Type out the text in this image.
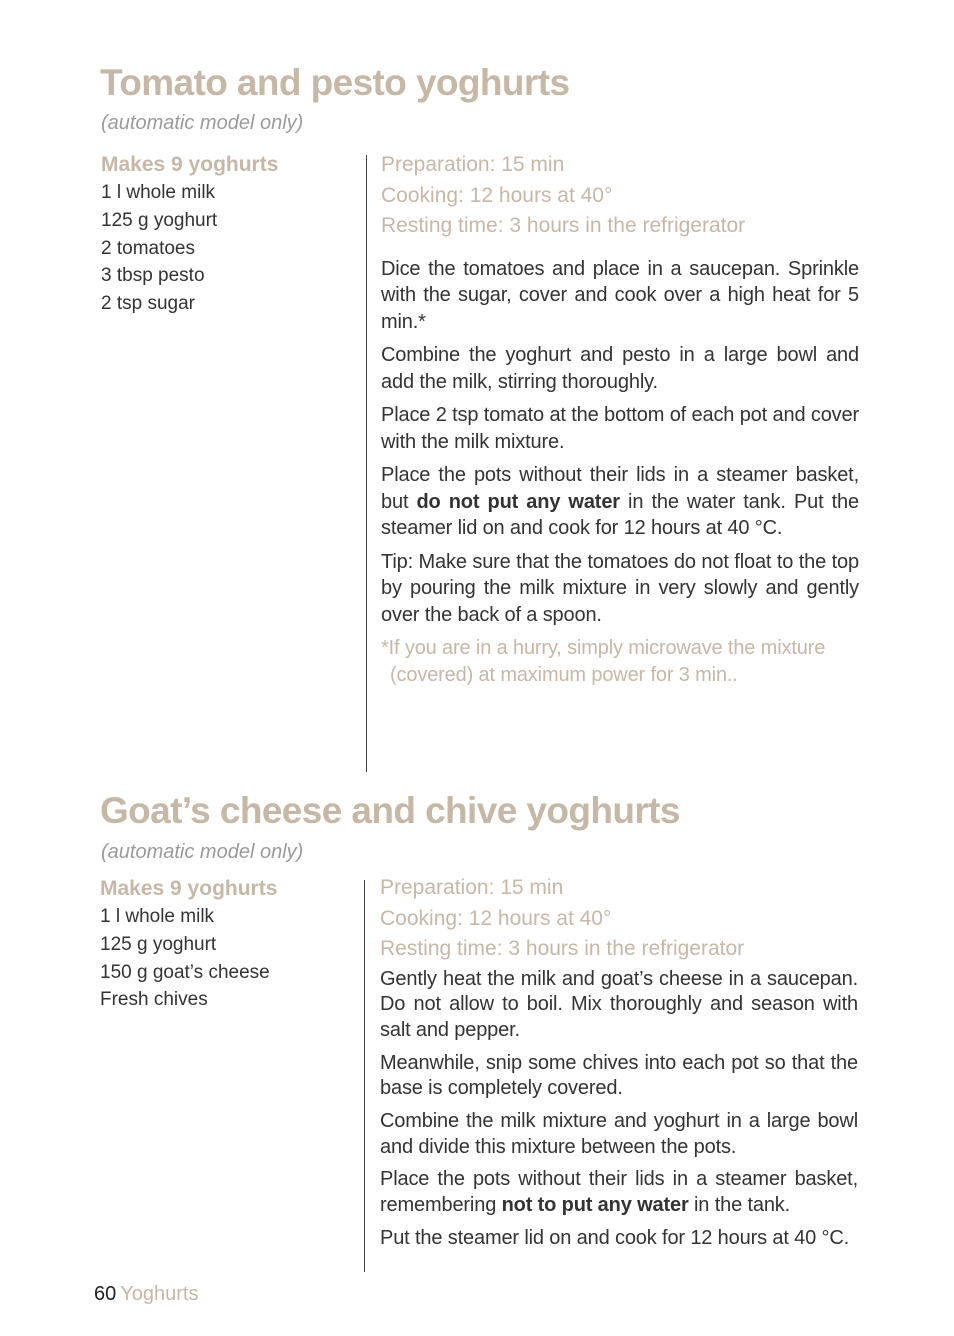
Tomato and pesto yoghurts

(automatic model only)

Makes 9 yoghurts
1 l whole milk
125 g yoghurt
2 tomatoes
3 tbsp pesto
2 tsp sugar
Preparation: 15 min
Cooking: 12 hours at 40°
Resting time: 3 hours in the refrigerator

Dice the tomatoes and place in a saucepan. Sprinkle with the sugar, cover and cook over a high heat for 5 min.*

Combine the yoghurt and pesto in a large bowl and add the milk, stirring thoroughly.

Place 2 tsp tomato at the bottom of each pot and cover with the milk mixture.

Place the pots without their lids in a steamer basket, but do not put any water in the water tank. Put the steamer lid on and cook for 12 hours at 40 °C.

Tip: Make sure that the tomatoes do not float to the top by pouring the milk mixture in very slowly and gently over the back of a spoon.

*If you are in a hurry, simply microwave the mixture
(covered) at maximum power for 3 min..

Goat’s cheese and chive yoghurts

(automatic model only)

Makes 9 yoghurts
1 l whole milk
125 g yoghurt
150 g goat’s cheese
Fresh chives
Preparation: 15 min
Cooking: 12 hours at 40°
Resting time: 3 hours in the refrigerator

Gently heat the milk and goat’s cheese in a saucepan. Do not allow to boil. Mix thoroughly and season with salt and pepper.

Meanwhile, snip some chives into each pot so that the base is completely covered.

Combine the milk mixture and yoghurt in a large bowl and divide this mixture between the pots.

Place the pots without their lids in a steamer basket, remembering not to put any water in the tank.

Put the steamer lid on and cook for 12 hours at 40 °C.

60 Yoghurts
